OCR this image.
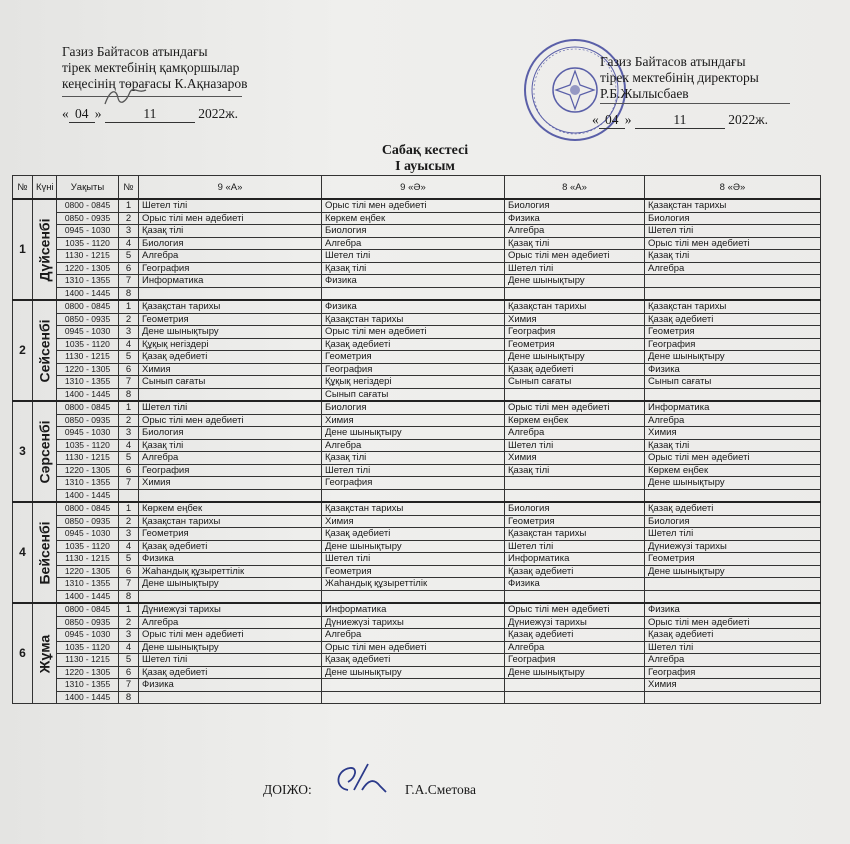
Газиз Байтасов атындағы
тірек мектебінің қамқоршылар
кеңесінің төрағасы К.Ақназаров
« 04 »	11	2022ж.
Газиз Байтасов атындағы
тірек мектебінің директоры
Р.Б.Жылысбаев
« 04 »	11	2022ж.
Сабақ кестесі
I ауысым
№	Күні	Уақыты	№	9 «А»	9 «Ә»	8 «А»	8 «Ә»
1	Дүйсенбі	0800 - 0845	1	Шетел тілі	Орыс тілі мен әдебиеті	Биология	Қазақстан тарихы
		0850 - 0935	2	Орыс тілі мен әдебиеті	Көркем еңбек	Физика	Биология
		0945 - 1030	3	Қазақ тілі	Биология	Алгебра	Шетел тілі
		1035 - 1120	4	Биология	Алгебра	Қазақ тілі	Орыс тілі мен әдебиеті
		1130 - 1215	5	Алгебра	Шетел тілі	Орыс тілі мен әдебиеті	Қазақ тілі
		1220 - 1305	6	География	Қазақ тілі	Шетел тілі	Алгебра
		1310 - 1355	7	Информатика	Физика	Дене шынықтыру	
		1400 - 1445	8				
2	Сейсенбі	0800 - 0845	1	Қазақстан тарихы	Физика	Қазақстан тарихы	Қазақстан тарихы
		0850 - 0935	2	Геометрия	Қазақстан тарихы	Химия	Қазақ әдебиеті
		0945 - 1030	3	Дене шынықтыру	Орыс тілі мен әдебиеті	География	Геометрия
		1035 - 1120	4	Құқық негіздері	Қазақ әдебиеті	Геометрия	География
		1130 - 1215	5	Қазақ әдебиеті	Геометрия	Дене шынықтыру	Дене шынықтыру
		1220 - 1305	6	Химия	География	Қазақ әдебиеті	Физика
		1310 - 1355	7	Сынып сағаты	Құқық негіздері	Сынып сағаты	Сынып сағаты
		1400 - 1445	8		Сынып сағаты		
3	Сәрсенбі	0800 - 0845	1	Шетел тілі	Биология	Орыс тілі мен әдебиеті	Информатика
		0850 - 0935	2	Орыс тілі мен әдебиеті	Химия	Көркем еңбек	Алгебра
		0945 - 1030	3	Биология	Дене шынықтыру	Алгебра	Химия
		1035 - 1120	4	Қазақ тілі	Алгебра	Шетел тілі	Қазақ тілі
		1130 - 1215	5	Алгебра	Қазақ тілі	Химия	Орыс тілі мен әдебиеті
		1220 - 1305	6	География	Шетел тілі	Қазақ тілі	Көркем еңбек
		1310 - 1355	7	Химия	География		Дене шынықтыру
		1400 - 1445					
4	Бейсенбі	0800 - 0845	1	Көркем еңбек	Қазақстан тарихы	Биология	Қазақ әдебиеті
		0850 - 0935	2	Қазақстан тарихы	Химия	Геометрия	Биология
		0945 - 1030	3	Геометрия	Қазақ әдебиеті	Қазақстан тарихы	Шетел тілі
		1035 - 1120	4	Қазақ әдебиеті	Дене шынықтыру	Шетел тілі	Дүниежүзі тарихы
		1130 - 1215	5	Физика	Шетел тілі	Информатика	Геометрия
		1220 - 1305	6	Жаһандық құзыреттілік	Геометрия	Қазақ әдебиеті	Дене шынықтыру
		1310 - 1355	7	Дене шынықтыру	Жаһандық құзыреттілік	Физика	
		1400 - 1445	8				
6	Жұма	0800 - 0845	1	Дүниежүзі тарихы	Информатика	Орыс тілі мен әдебиеті	Физика
		0850 - 0935	2	Алгебра	Дүниежүзі тарихы	Дүниежүзі тарихы	Орыс тілі мен әдебиеті
		0945 - 1030	3	Орыс тілі мен әдебиеті	Алгебра	Қазақ әдебиеті	Қазақ әдебиеті
		1035 - 1120	4	Дене шынықтыру	Орыс тілі мен әдебиеті	Алгебра	Шетел тілі
		1130 - 1215	5	Шетел тілі	Қазақ әдебиеті	География	Алгебра
		1220 - 1305	6	Қазақ әдебиеті	Дене шынықтыру	Дене шынықтыру	География
		1310 - 1355	7	Физика			Химия
		1400 - 1445	8				
ДОІЖО:	Г.А.Сметова
